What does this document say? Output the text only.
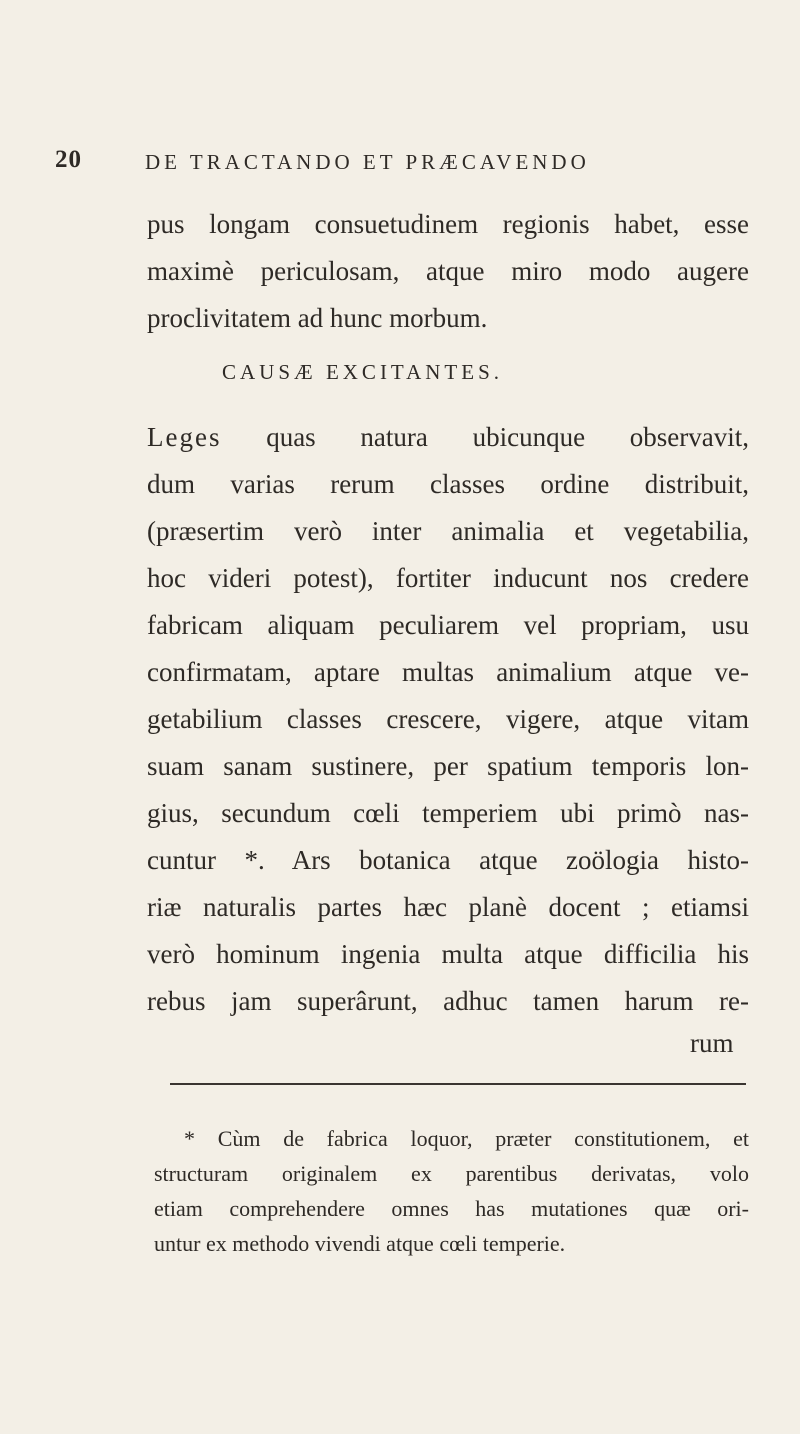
20	DE TRACTANDO ET PRÆCAVENDO
pus longam consuetudinem regionis habet, esse
maximè periculosam, atque miro modo augere
proclivitatem ad hunc morbum.
CAUSÆ EXCITANTES.
Leges quas natura ubicunque observavit,
dum varias rerum classes ordine distribuit,
(præsertim verò inter animalia et vegetabilia,
hoc videri potest), fortiter inducunt nos credere
fabricam aliquam peculiarem vel propriam, usu
confirmatam, aptare multas animalium atque ve-
getabilium classes crescere, vigere, atque vitam
suam sanam sustinere, per spatium temporis lon-
gius, secundum cœli temperiem ubi primò nas-
cuntur *. Ars botanica atque zoölogia histo-
riæ naturalis partes hæc planè docent ; etiamsi
verò hominum ingenia multa atque difficilia his
rebus jam superârunt, adhuc tamen harum re-
rum
* Cùm de fabrica loquor, præter constitutionem, et
structuram originalem ex parentibus derivatas, volo
etiam comprehendere omnes has mutationes quæ ori-
untur ex methodo vivendi atque cœli temperie.
